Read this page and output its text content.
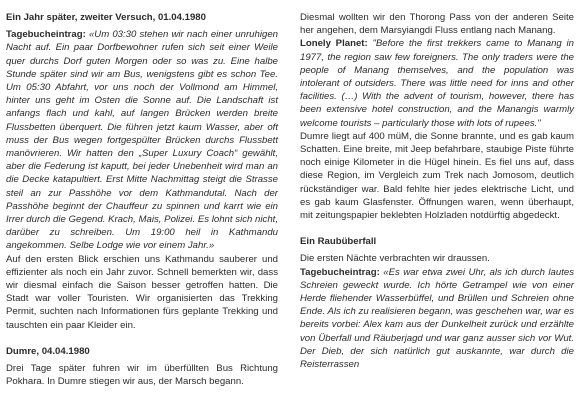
Ein Jahr später, zweiter Versuch, 01.04.1980

Tagebucheintrag: «Um 03:30 stehen wir nach einer unruhigen Nacht auf. Ein paar Dorfbewohner rufen sich seit einer Weile quer durchs Dorf guten Morgen oder so was zu. Eine halbe Stunde später sind wir am Bus, wenigstens gibt es schon Tee. Um 05:30 Abfahrt, vor uns noch der Vollmond am Himmel, hinter uns geht im Osten die Sonne auf. Die Landschaft ist anfangs flach und kahl, auf langen Brücken werden breite Flussbetten überquert. Die führen jetzt kaum Wasser, aber oft muss der Bus wegen fortgespülter Brücken durchs Flussbett manövrieren. Wir hatten den „Super Luxury Coach“ gewählt, aber die Federung ist kaputt, bei jeder Unebenheit wird man an die Decke katapultiert. Erst Mitte Nachmittag steigt die Strasse steil an zur Passhöhe vor dem Kathmandutal. Nach der Passhöhe beginnt der Chauffeur zu spinnen und karrt wie ein Irrer durch die Gegend. Krach, Mais, Polizei. Es lohnt sich nicht, darüber zu schreiben. Um 19:00 heil in Kathmandu angekommen. Selbe Lodge wie vor einem Jahr.»

Auf den ersten Blick erschien uns Kathmandu sauberer und effizienter als noch ein Jahr zuvor. Schnell bemerkten wir, dass wir diesmal einfach die Saison besser getroffen hatten. Die Stadt war voller Touristen. Wir organisierten das Trekking Permit, suchten nach Informationen fürs geplante Trekking und tauschten ein paar Kleider ein.

Dumre, 04.04.1980

Drei Tage später fuhren wir im überfüllten Bus Richtung Pokhara. In Dumre stiegen wir aus, der Marsch begann.

Diesmal wollten wir den Thorong Pass von der anderen Seite her angehen, dem Marsyiangdi Fluss entlang nach Manang.

Lonely Planet: "Before the first trekkers came to Manang in 1977, the region saw few foreigners. The only traders were the people of Manang themselves, and the population was intolerant of outsiders. There was little need for inns and other facilities. (…) With the advent of tourism, however, there has been extensive hotel construction, and the Manangis warmly welcome tourists – particularly those with lots of rupees."

Dumre liegt auf 400 müM, die Sonne brannte, und es gab kaum Schatten. Eine breite, mit Jeep befahrbare, staubige Piste führte noch einige Kilometer in die Hügel hinein. Es fiel uns auf, dass diese Region, im Vergleich zum Trek nach Jomosom, deutlich rückständiger war. Bald fehlte hier jedes elektrische Licht, und es gab kaum Glasfenster. Öffnungen waren, wenn überhaupt, mit zeitungspapier beklebten Holzladen notdürftig abgedeckt.

Ein Raubüberfall

Die ersten Nächte verbrachten wir draussen.

Tagebucheintrag: «Es war etwa zwei Uhr, als ich durch lautes Schreien geweckt wurde. Ich hörte Getrampel wie von einer Herde fliehender Wasserbüffel, und Brüllen und Schreien ohne Ende. Als ich zu realisieren begann, was geschehen war, war es bereits vorbei: Alex kam aus der Dunkelheit zurück und erzählte von Überfall und Räuberjagd und war ganz ausser sich vor Wut. Der Dieb, der sich natürlich gut auskannte, war durch die Reisterrassen
